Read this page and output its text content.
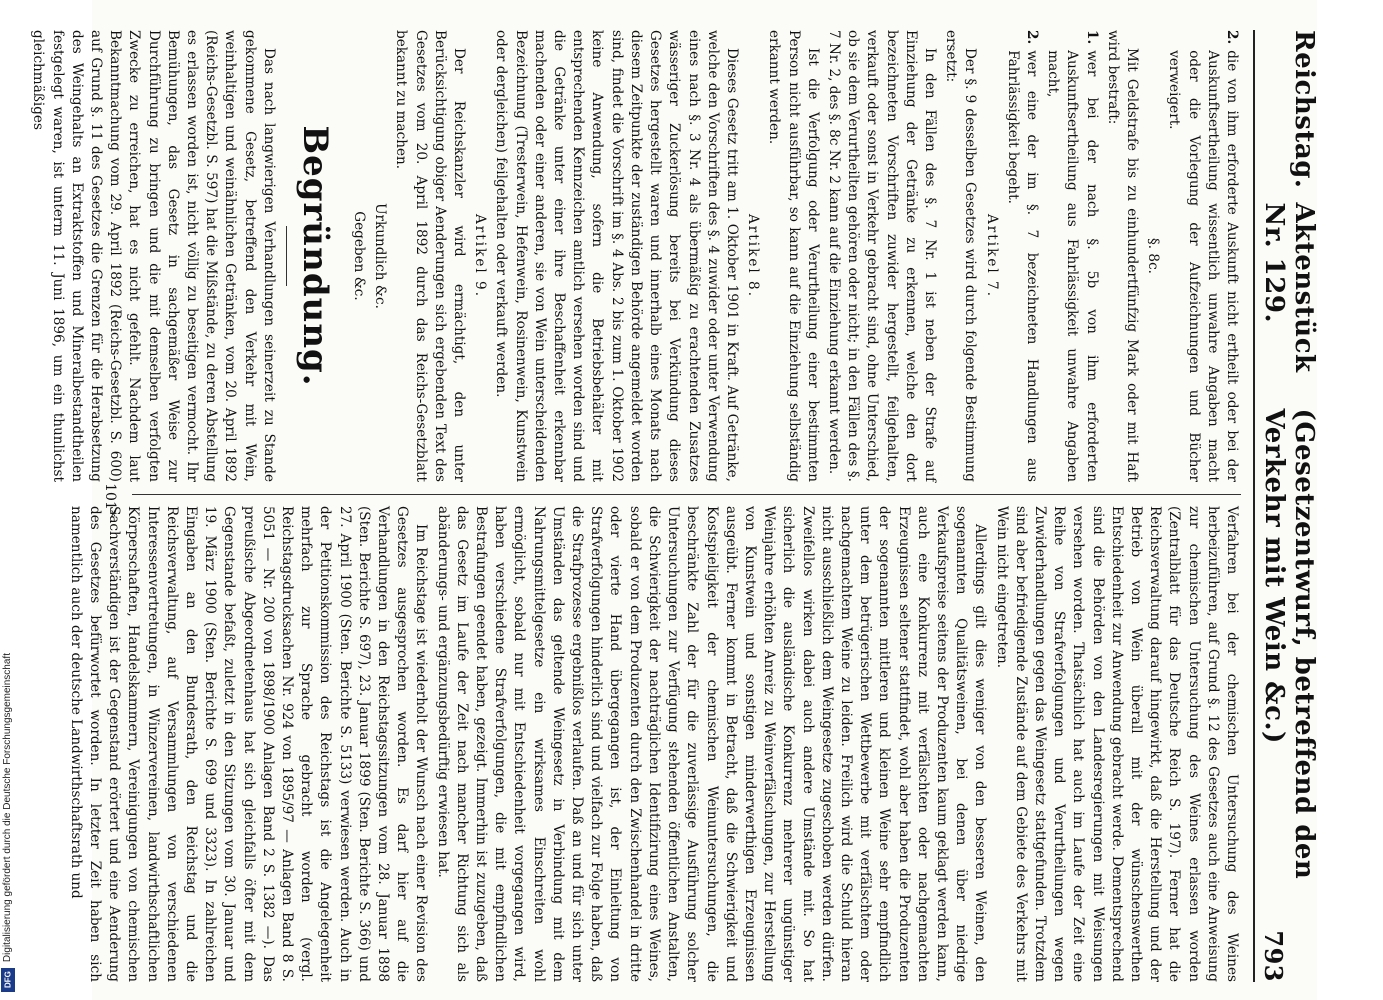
DFG
Digitalisierung gefördert durch die Deutsche Forschungsgemeinschaft
Reichstag.
Aktenstück Nr. 129.
(Gesetzentwurf, betreffend den Verkehr mit Wein &c.)
793
2.
die von ihm erforderte Auskunft nicht ertheilt oder bei der Auskunftsertheilung wissentlich unwahre Angaben macht oder die Vorlegung der Aufzeichnungen und Bücher verweigert.

§. 8c.

Mit Geldstrafe bis zu einhundertfünfzig Mark oder mit Haft wird bestraft:

1.
wer bei der nach §. 5b von ihm erforderten Auskunftsertheilung aus Fahrlässigkeit unwahre Angaben macht,
2.
wer eine der im §. 7 bezeichneten Handlungen aus Fahrlässigkeit begeht.

Artikel 7.

Der §. 9 desselben Gesetzes wird durch folgende Bestimmung ersetzt:

In den Fällen des §. 7 Nr. 1 ist neben der Strafe auf Einziehung der Getränke zu erkennen, welche den dort bezeichneten Vorschriften zuwider hergestellt, feilgehalten, verkauft oder sonst in Verkehr gebracht sind, ohne Unterschied, ob sie dem Verurtheilten gehören oder nicht; in den Fällen des §. 7 Nr. 2, des §. 8c Nr. 2 kann auf die Einziehung erkannt werden.

Ist die Verfolgung oder Verurtheilung einer bestimmten Person nicht ausführbar, so kann auf die Einziehung selbständig erkannt werden.

Artikel 8.

Dieses Gesetz tritt am 1. Oktober 1901 in Kraft. Auf Getränke, welche den Vorschriften des §. 4 zuwider oder unter Verwendung eines nach §. 3 Nr. 4 als übermäßig zu erachtenden Zusatzes wässeriger Zuckerlösung bereits bei Verkündung dieses Gesetzes hergestellt waren und innerhalb eines Monats nach diesem Zeitpunkte der zuständigen Behörde angemeldet worden sind, findet die Vorschrift im §. 4 Abs. 2 bis zum 1. Oktober 1902 keine Anwendung, sofern die Betriebsbehälter mit entsprechenden Kennzeichen amtlich versehen worden sind und die Getränke unter einer ihre Beschaffenheit erkennbar machenden oder einer anderen, sie von Wein unterscheidenden Bezeichnung (Tresterwein, Hefenwein, Rosinenwein, Kunstwein oder dergleichen) feilgehalten oder verkauft werden.

Artikel 9.

Der Reichskanzler wird ermächtigt, den unter Berücksichtigung obiger Aenderungen sich ergebenden Text des Gesetzes vom 20. April 1892 durch das Reichs-Gesetzblatt bekannt zu machen.

Urkundlich &c.

Gegeben &c.

Begründung.

Das nach langwierigen Verhandlungen seinerzeit zu Stande gekommene Gesetz, betreffend den Verkehr mit Wein, weinhaltigen und weinähnlichen Getränken, vom 20. April 1892 (Reichs-Gesetzbl. S. 597) hat die Mißstände, zu deren Abstellung es erlassen worden ist, nicht völlig zu beseitigen vermocht. Ihr Bemühungen, das Gesetz in sachgemäßer Weise zur Durchführung zu bringen und die mit demselben verfolgten Zwecke zu erreichen, hat es nicht gefehlt. Nachdem laut Bekanntmachung vom 29. April 1892 (Reichs-Gesetzbl. S. 600) auf Grund §. 11 des Gesetzes die Grenzen für die Herabsetzung des Weingehalts an Extraktstoffen und Mineralbestandtheilen festgelegt waren, ist unterm 11. Juni 1896, um ein thunlichst gleichmäßiges

Verfahren bei der chemischen Untersuchung des Weines herbeizuführen, auf Grund §. 12 des Gesetzes auch eine Anweisung zur chemischen Untersuchung des Weines erlassen worden (Zentralblatt für das Deutsche Reich S. 197). Ferner hat die Reichsverwaltung darauf hingewirkt, daß die Herstellung und der Betrieb von Wein überall mit der wünschenswerthen Entschiedenheit zur Anwendung gebracht werde. Dementsprechend sind die Behörden von den Landesregierungen mit Weisungen versehen worden. Thatsächlich hat auch im Laufe der Zeit eine Reihe von Strafverfolgungen und Verurtheilungen wegen Zuwiderhandlungen gegen das Weingesetz stattgefunden. Trotzdem sind aber befriedigende Zustände auf dem Gebiete des Verkehrs mit Wein nicht eingetreten.

Allerdings gilt dies weniger von den besseren Weinen, den sogenannten Qualitätsweinen, bei denen über niedrige Verkaufspreise seitens der Produzenten kaum geklagt werden kann, auch eine Konkurrenz mit verfälschten oder nachgemachten Erzeugnissen seltener stattfindet, wohl aber haben die Produzenten der sogenannten mittleren und kleinen Weine sehr empfindlich unter dem betrügerischen Wettbewerbe mit verfälschtem oder nachgemachtem Weine zu leiden. Freilich wird die Schuld hieran nicht ausschließlich dem Weingesetze zugeschoben werden dürfen. Zweifellos wirken dabei auch andere Umstände mit. So hat sicherlich die ausländische Konkurrenz mehrerer ungünstiger Weinjahre erhöhten Anreiz zu Weinverfälschungen, zur Herstellung von Kunstwein und sonstigen minderwerthigen Erzeugnissen ausgeübt. Ferner kommt in Betracht, daß die Schwierigkeit und Kostspieligkeit der chemischen Weinuntersuchungen, die beschränkte Zahl der für die zuverlässige Ausführung solcher Untersuchungen zur Verfügung stehenden öffentlichen Anstalten, die Schwierigkeit der nachträglichen Identifizirung eines Weines, sobald er von dem Produzenten durch den Zwischenhandel in dritte oder vierte Hand übergegangen ist, der Einleitung von Strafverfolgungen hinderlich sind und vielfach zur Folge haben, daß die Strafprozesse ergebnißlos verlaufen. Daß an und für sich unter Umständen das geltende Weingesetz in Verbindung mit dem Nahrungsmittelgesetze ein wirksames Einschreiten wohl ermöglicht, sobald nur mit Entschiedenheit vorgegangen wird, haben verschiedene Strafverfolgungen, die mit empfindlichen Bestrafungen geendet haben, gezeigt. Immerhin ist zuzugeben, daß das Gesetz im Laufe der Zeit nach mancher Richtung sich als abänderungs- und ergänzungsbedürftig erwiesen hat.

Im Reichstage ist wiederholt der Wunsch nach einer Revision des Gesetzes ausgesprochen worden. Es darf hier auf die Verhandlungen in den Reichstagssitzungen vom 28. Januar 1898 (Sten. Berichte S. 697), 23. Januar 1899 (Sten. Berichte S. 366) und 27. April 1900 (Sten. Berichte S. 5133) verwiesen werden. Auch in der Petitionskommission des Reichstags ist die Angelegenheit mehrfach zur Sprache gebracht worden (vergl. Reichstagsdrucksachen Nr. 924 von 1895/97 — Anlagen Band 8 S. 5051 — Nr. 200 von 1898/1900 Anlagen Band 2 S. 1382 —). Das preußische Abgeordnetenhaus hat sich gleichfalls öfter mit dem Gegenstande befaßt, zuletzt in den Sitzungen vom 30. Januar und 19. März 1900 (Sten. Berichte S. 699 und 3323). In zahlreichen Eingaben an den Bundesrath, den Reichstag und die Reichsverwaltung, auf Versammlungen von verschiedenen Interessenvertretungen, in Winzervereinen, landwirthschaftlichen Körperschaften, Handelskammern, Vereinigungen von chemischen Sachverständigen ist der Gegenstand erörtert und eine Aenderung des Gesetzes befürwortet worden. In letzter Zeit haben sich namentlich auch der deutsche Landwirthschaftsrath und

101*
